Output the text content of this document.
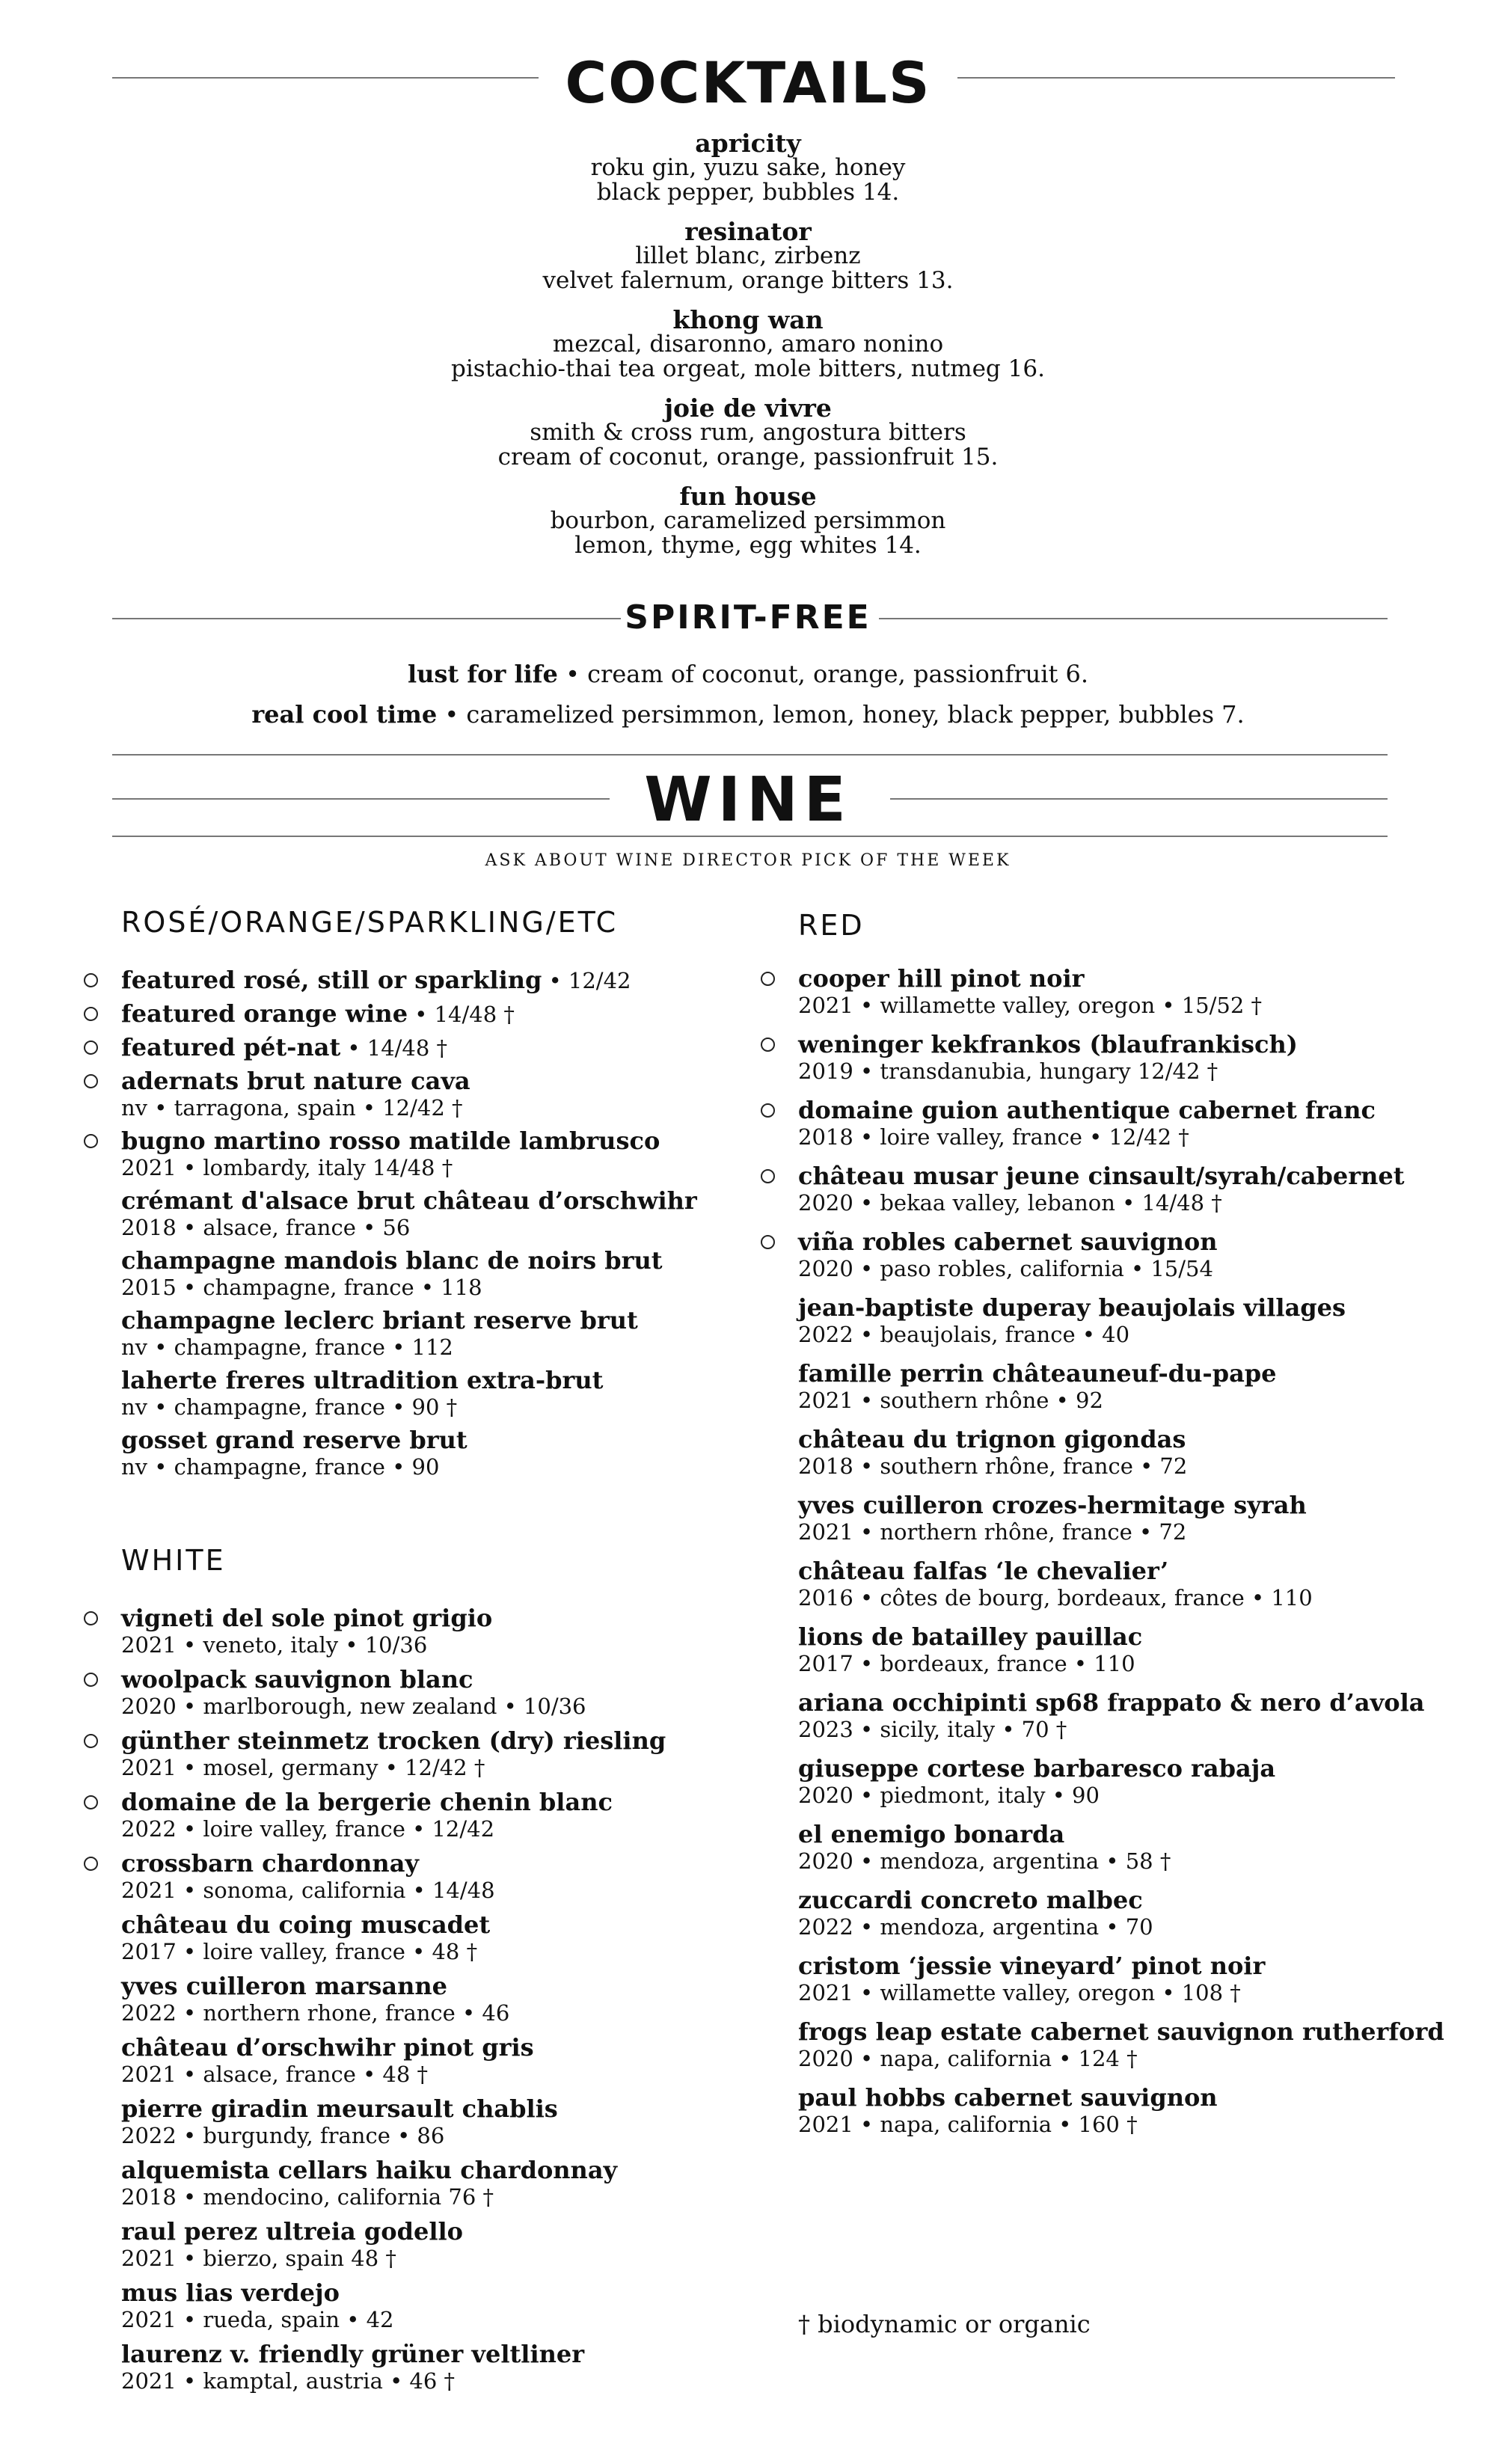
COCKTAILS
apricity
roku gin, yuzu sake, honey
black pepper, bubbles 14.
resinator
lillet blanc, zirbenz
velvet falernum, orange bitters 13.
khong wan
mezcal, disaronno, amaro nonino
pistachio-thai tea orgeat, mole bitters, nutmeg 16.
joie de vivre
smith & cross rum, angostura bitters
cream of coconut, orange, passionfruit 15.
fun house
bourbon, caramelized persimmon
lemon, thyme, egg whites 14.
SPIRIT-FREE
lust for life • cream of coconut, orange, passionfruit 6.
real cool time • caramelized persimmon, lemon, honey, black pepper, bubbles 7.
WINE
ASK ABOUT WINE DIRECTOR PICK OF THE WEEK
ROSÉ/ORANGE/SPARKLING/ETC
featured rosé, still or sparkling • 12/42
featured orange wine • 14/48 †
featured pét-nat • 14/48 †
adernats brut nature cava
nv • tarragona, spain • 12/42 †
bugno martino rosso matilde lambrusco
2021 • lombardy, italy 14/48 †
crémant d'alsace brut château d’orschwihr
2018 • alsace, france • 56
champagne mandois blanc de noirs brut
2015 • champagne, france • 118
champagne leclerc briant reserve brut
nv • champagne, france • 112
laherte freres ultradition extra-brut
nv • champagne, france • 90 †
gosset grand reserve brut
nv • champagne, france • 90
WHITE
vigneti del sole pinot grigio
2021 • veneto, italy • 10/36
woolpack sauvignon blanc
2020 • marlborough, new zealand • 10/36
günther steinmetz trocken (dry) riesling
2021 • mosel, germany • 12/42 †
domaine de la bergerie chenin blanc
2022 • loire valley, france • 12/42
crossbarn chardonnay
2021 • sonoma, california • 14/48
château du coing muscadet
2017 • loire valley, france • 48 †
yves cuilleron marsanne
2022 • northern rhone, france • 46
château d’orschwihr pinot gris
2021 • alsace, france • 48 †
pierre giradin meursault chablis
2022 • burgundy, france • 86
alquemista cellars haiku chardonnay
2018 • mendocino, california 76 †
raul perez ultreia godello
2021 • bierzo, spain 48 †
mus lias verdejo
2021 • rueda, spain • 42
laurenz v. friendly grüner veltliner
2021 • kamptal, austria • 46 †
RED
cooper hill pinot noir
2021 • willamette valley, oregon • 15/52 †
weninger kekfrankos (blaufrankisch)
2019 • transdanubia, hungary 12/42 †
domaine guion authentique cabernet franc
2018 • loire valley, france • 12/42 †
château musar jeune cinsault/syrah/cabernet
2020 • bekaa valley, lebanon • 14/48 †
viña robles cabernet sauvignon
2020 • paso robles, california • 15/54
jean-baptiste duperay beaujolais villages
2022 • beaujolais, france • 40
famille perrin châteauneuf-du-pape
2021 • southern rhône • 92
château du trignon gigondas
2018 • southern rhône, france • 72
yves cuilleron crozes-hermitage syrah
2021 • northern rhône, france • 72
château falfas ‘le chevalier’
2016 • côtes de bourg, bordeaux, france • 110
lions de batailley pauillac
2017 • bordeaux, france • 110
ariana occhipinti sp68 frappato & nero d’avola
2023 • sicily, italy • 70 †
giuseppe cortese barbaresco rabaja
2020 • piedmont, italy • 90
el enemigo bonarda
2020 • mendoza, argentina • 58 †
zuccardi concreto malbec
2022 • mendoza, argentina • 70
cristom ‘jessie vineyard’ pinot noir
2021 • willamette valley, oregon • 108 †
frogs leap estate cabernet sauvignon rutherford
2020 • napa, california • 124 †
paul hobbs cabernet sauvignon
2021 • napa, california • 160 †
† biodynamic or organic
